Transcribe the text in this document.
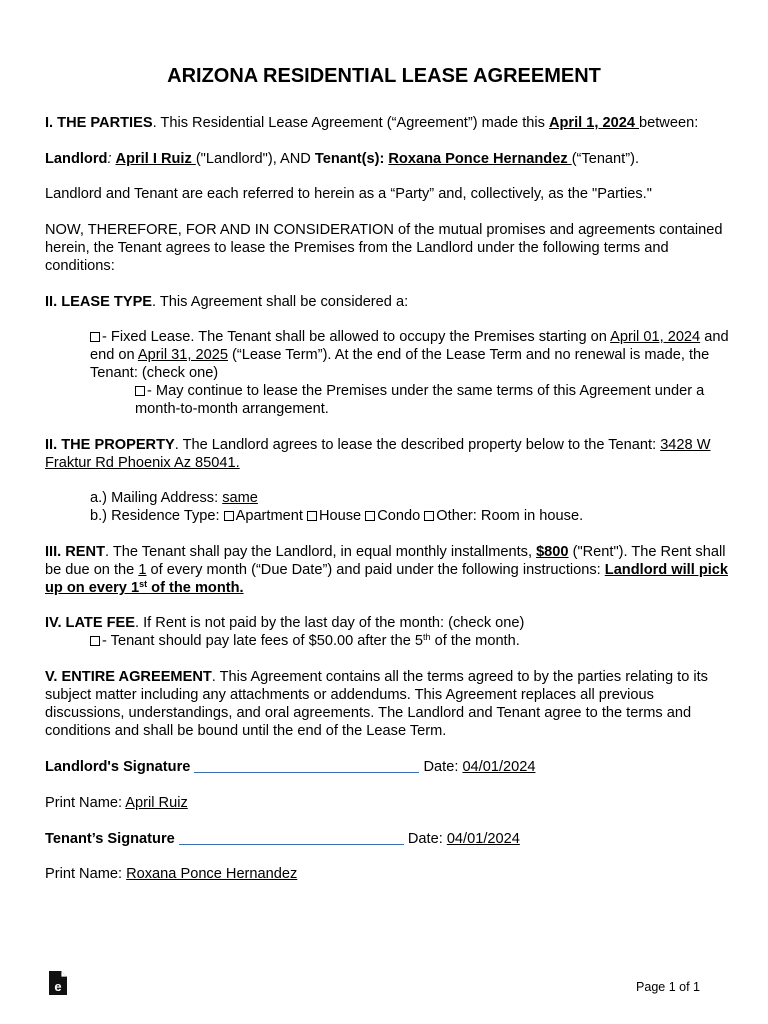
ARIZONA RESIDENTIAL LEASE AGREEMENT
I. THE PARTIES. This Residential Lease Agreement (“Agreement”) made this April 1, 2024 between:
Landlord: April I Ruiz ("Landlord"), AND Tenant(s): Roxana Ponce Hernandez (“Tenant”).
Landlord and Tenant are each referred to herein as a “Party” and, collectively, as the "Parties."
NOW, THEREFORE, FOR AND IN CONSIDERATION of the mutual promises and agreements contained herein, the Tenant agrees to lease the Premises from the Landlord under the following terms and conditions:
II. LEASE TYPE. This Agreement shall be considered a:
- Fixed Lease. The Tenant shall be allowed to occupy the Premises starting on April 01, 2024 and end on April 31, 2025 (“Lease Term”). At the end of the Lease Term and no renewal is made, the Tenant: (check one)
- May continue to lease the Premises under the same terms of this Agreement under a month-to-month arrangement.
II. THE PROPERTY. The Landlord agrees to lease the described property below to the Tenant: 3428 W Fraktur Rd Phoenix Az 85041.
a.) Mailing Address: same
b.) Residence Type: Apartment House Condo Other: Room in house.
III. RENT. The Tenant shall pay the Landlord, in equal monthly installments, $800 ("Rent"). The Rent shall be due on the 1 of every month (“Due Date”) and paid under the following instructions: Landlord will pick up on every 1st of the month.
IV. LATE FEE. If Rent is not paid by the last day of the month: (check one)
- Tenant should pay late fees of $50.00 after the 5th of the month.
V. ENTIRE AGREEMENT. This Agreement contains all the terms agreed to by the parties relating to its subject matter including any attachments or addendums. This Agreement replaces all previous discussions, understandings, and oral agreements. The Landlord and Tenant agree to the terms and conditions and shall be bound until the end of the Lease Term.
Landlord's Signature	Date: 04/01/2024
Print Name: April Ruiz
Tenant’s Signature	Date: 04/01/2024
Print Name: Roxana Ponce Hernandez
e	Page 1 of 1
